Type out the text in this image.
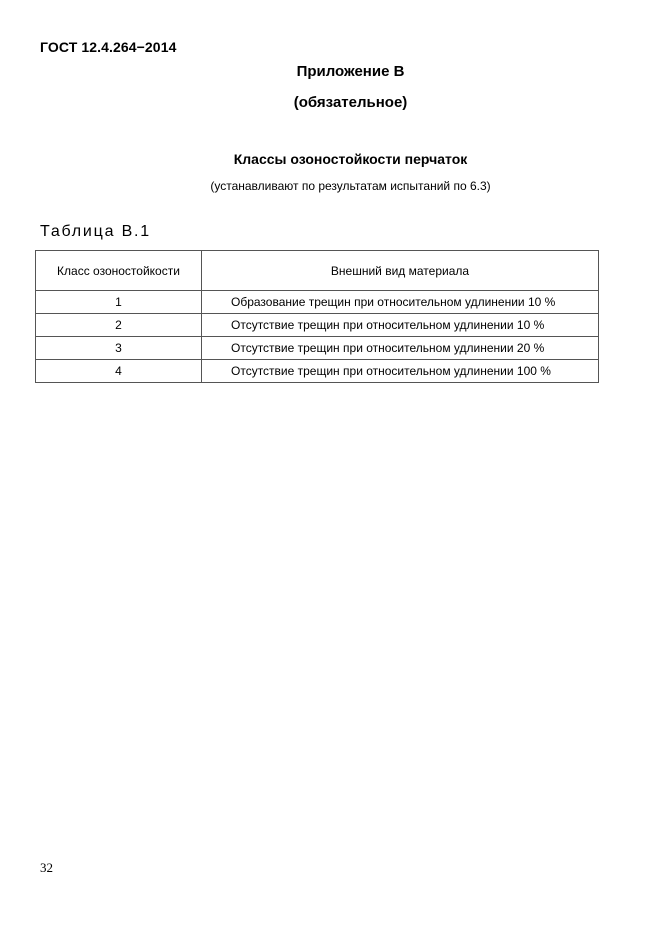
ГОСТ 12.4.264−2014
Приложение В
(обязательное)
Классы озоностойкости перчаток
(устанавливают по результатам испытаний по 6.3)
Таблица В.1
Класс озоностойкости	Внешний вид материала
1	Образование трещин при относительном удлинении 10 %
2	Отсутствие трещин при относительном удлинении 10 %
3	Отсутствие трещин при относительном удлинении 20 %
4	Отсутствие трещин при относительном удлинении 100 %
32
